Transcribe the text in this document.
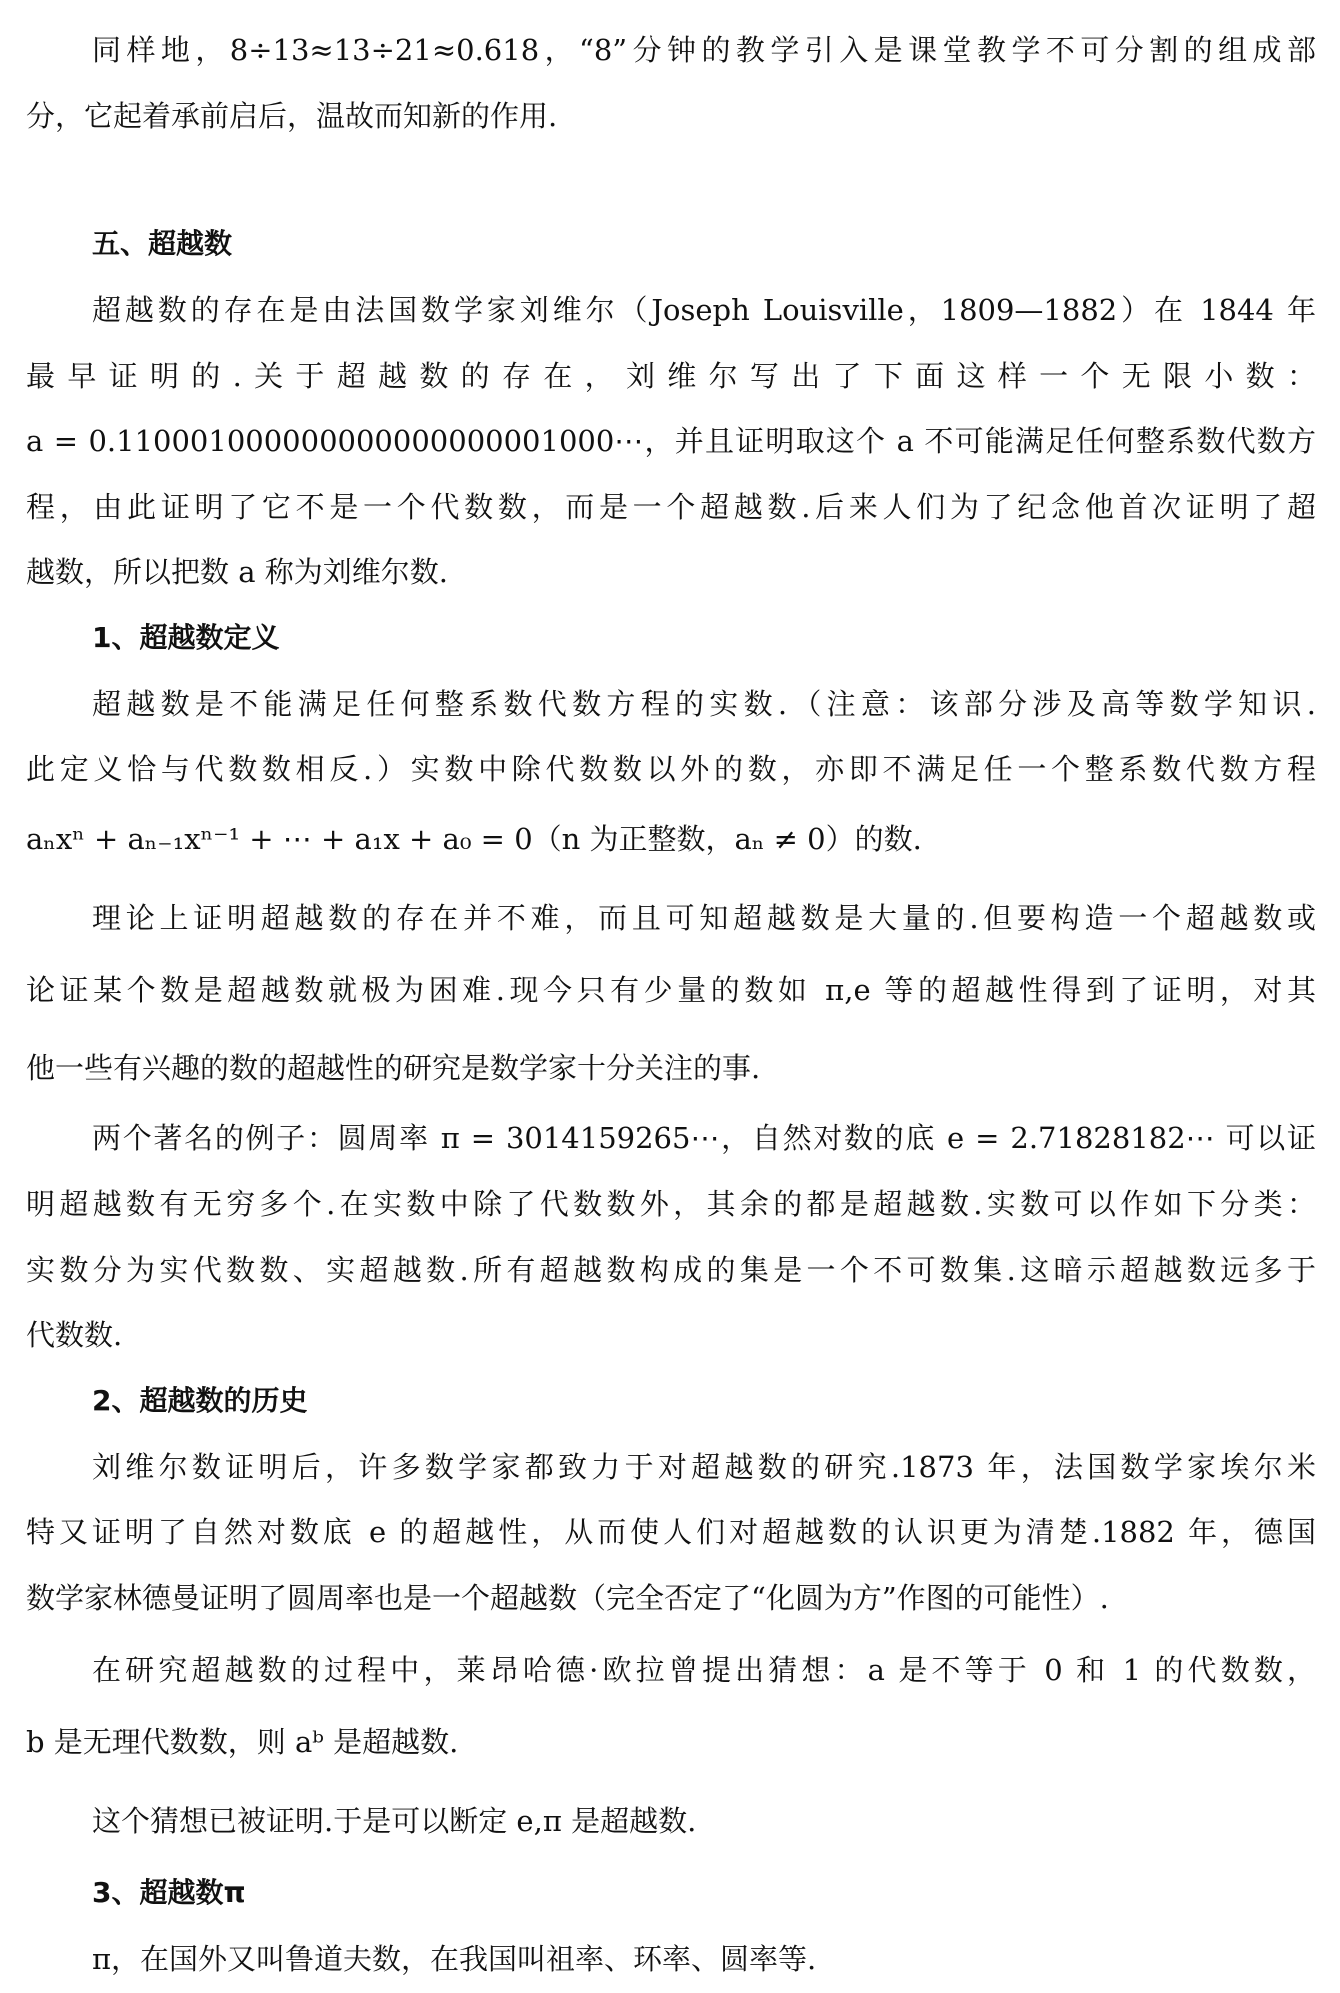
同样地，8÷13≈13÷21≈0.618，“8”分钟的教学引入是课堂教学不可分割的组成部
分，它起着承前启后，温故而知新的作用.
五、超越数
超越数的存在是由法国数学家刘维尔（Joseph Louisville，1809—1882）在 1844 年
最早证明的.关于超越数的存在，刘维尔写出了下面这样一个无限小数：
a = 0.110001000000000000000001000⋯，并且证明取这个 a 不可能满足任何整系数代数方
程，由此证明了它不是一个代数数，而是一个超越数.后来人们为了纪念他首次证明了超
越数，所以把数 a 称为刘维尔数.
1、超越数定义
超越数是不能满足任何整系数代数方程的实数.（注意：该部分涉及高等数学知识.
此定义恰与代数数相反.）实数中除代数数以外的数，亦即不满足任一个整系数代数方程
aₙxⁿ + aₙ₋₁xⁿ⁻¹ + ⋯ + a₁x + a₀ = 0（n 为正整数，aₙ ≠ 0）的数.
理论上证明超越数的存在并不难，而且可知超越数是大量的.但要构造一个超越数或
论证某个数是超越数就极为困难.现今只有少量的数如 π,e 等的超越性得到了证明，对其
他一些有兴趣的数的超越性的研究是数学家十分关注的事.
两个著名的例子：圆周率 π = 3014159265⋯，自然对数的底 e = 2.71828182⋯ 可以证
明超越数有无穷多个.在实数中除了代数数外，其余的都是超越数.实数可以作如下分类：
实数分为实代数数、实超越数.所有超越数构成的集是一个不可数集.这暗示超越数远多于
代数数.
2、超越数的历史
刘维尔数证明后，许多数学家都致力于对超越数的研究.1873 年，法国数学家埃尔米
特又证明了自然对数底 e 的超越性，从而使人们对超越数的认识更为清楚.1882 年，德国
数学家林德曼证明了圆周率也是一个超越数（完全否定了“化圆为方”作图的可能性）.
在研究超越数的过程中，莱昂哈德·欧拉曾提出猜想：a 是不等于 0 和 1 的代数数，
b 是无理代数数，则 aᵇ 是超越数.
这个猜想已被证明.于是可以断定 e,π 是超越数.
3、超越数π
π，在国外又叫鲁道夫数，在我国叫祖率、环率、圆率等.
